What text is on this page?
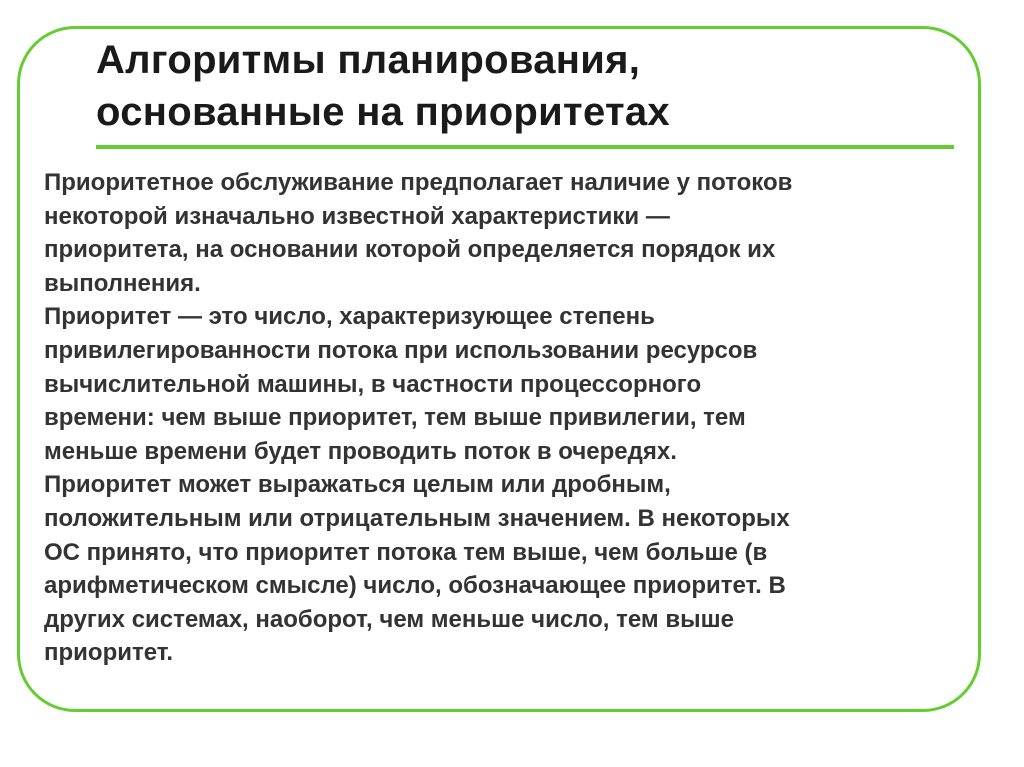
Алгоритмы планирования,
основанные на приоритетах

Приоритетное обслуживание предполагает наличие у потоков
некоторой изначально известной характеристики —
приоритета, на основании которой определяется порядок их
выполнения.

Приоритет — это число, характеризующее степень
привилегированности потока при использовании ресурсов
вычислительной машины, в частности процессорного
времени: чем выше приоритет, тем выше привилегии, тем
меньше времени будет проводить поток в очередях.

Приоритет может выражаться целым или дробным,
положительным или отрицательным значением. В некоторых
ОС принято, что приоритет потока тем выше, чем больше (в
арифметическом смысле) число, обозначающее приоритет. В
других системах, наоборот, чем меньше число, тем выше
приоритет.
